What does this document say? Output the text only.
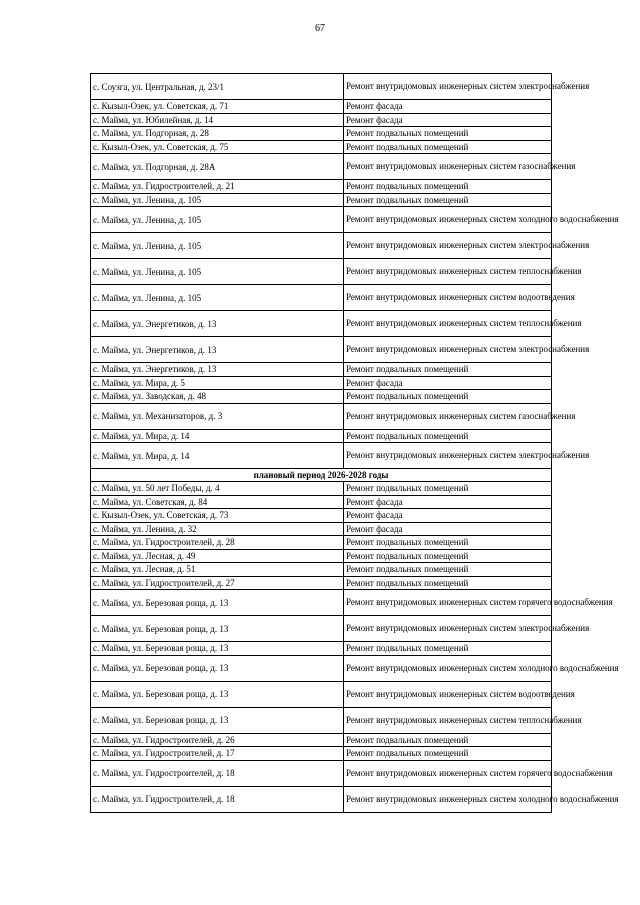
67
с. Соузга, ул. Центральная, д. 23/1	Ремонт внутридомовых инженерных систем электроснабжения
с. Кызыл-Озек, ул. Советская, д. 71	Ремонт фасада
с. Майма, ул. Юбилейная, д. 14	Ремонт фасада
с. Майма, ул. Подгорная, д. 28	Ремонт подвальных помещений
с. Кызыл-Озек, ул. Советская, д. 75	Ремонт подвальных помещений
с. Майма, ул. Подгорная, д. 28А	Ремонт внутридомовых инженерных систем газоснабжения
с. Майма, ул. Гидростроителей, д. 21	Ремонт подвальных помещений
с. Майма, ул. Ленина, д. 105	Ремонт подвальных помещений
с. Майма, ул. Ленина, д. 105	Ремонт внутридомовых инженерных систем холодного водоснабжения
с. Майма, ул. Ленина, д. 105	Ремонт внутридомовых инженерных систем электроснабжения
с. Майма, ул. Ленина, д. 105	Ремонт внутридомовых инженерных систем теплоснабжения
с. Майма, ул. Ленина, д. 105	Ремонт внутридомовых инженерных систем водоотведения
с. Майма, ул. Энергетиков, д. 13	Ремонт внутридомовых инженерных систем теплоснабжения
с. Майма, ул. Энергетиков, д. 13	Ремонт внутридомовых инженерных систем электроснабжения
с. Майма, ул. Энергетиков, д. 13	Ремонт подвальных помещений
с. Майма, ул. Мира, д. 5	Ремонт фасада
с. Майма, ул. Заводская, д. 48	Ремонт подвальных помещений
с. Майма, ул. Механизаторов, д. 3	Ремонт внутридомовых инженерных систем газоснабжения
с. Майма, ул. Мира, д. 14	Ремонт подвальных помещений
с. Майма, ул. Мира, д. 14	Ремонт внутридомовых инженерных систем электроснабжения
плановый период 2026-2028 годы	
с. Майма, ул. 50 лет Победы, д. 4	Ремонт подвальных помещений
с. Майма, ул. Советская, д. 84	Ремонт фасада
с. Кызыл-Озек, ул. Советская, д. 73	Ремонт фасада
с. Майма, ул. Ленина, д. 32	Ремонт фасада
с. Майма, ул. Гидростроителей, д. 28	Ремонт подвальных помещений
с. Майма, ул. Лесная, д. 49	Ремонт подвальных помещений
с. Майма, ул. Лесная, д. 51	Ремонт подвальных помещений
с. Майма, ул. Гидростроителей, д. 27	Ремонт подвальных помещений
с. Майма, ул. Березовая роща, д. 13	Ремонт внутридомовых инженерных систем горячего водоснабжения
с. Майма, ул. Березовая роща, д. 13	Ремонт внутридомовых инженерных систем электроснабжения
с. Майма, ул. Березовая роща, д. 13	Ремонт подвальных помещений
с. Майма, ул. Березовая роща, д. 13	Ремонт внутридомовых инженерных систем холодного водоснабжения
с. Майма, ул. Березовая роща, д. 13	Ремонт внутридомовых инженерных систем водоотведения
с. Майма, ул. Березовая роща, д. 13	Ремонт внутридомовых инженерных систем теплоснабжения
с. Майма, ул. Гидростроителей, д. 26	Ремонт подвальных помещений
с. Майма, ул. Гидростроителей, д. 17	Ремонт подвальных помещений
с. Майма, ул. Гидростроителей, д. 18	Ремонт внутридомовых инженерных систем горячего водоснабжения
с. Майма, ул. Гидростроителей, д. 18	Ремонт внутридомовых инженерных систем холодного водоснабжения
